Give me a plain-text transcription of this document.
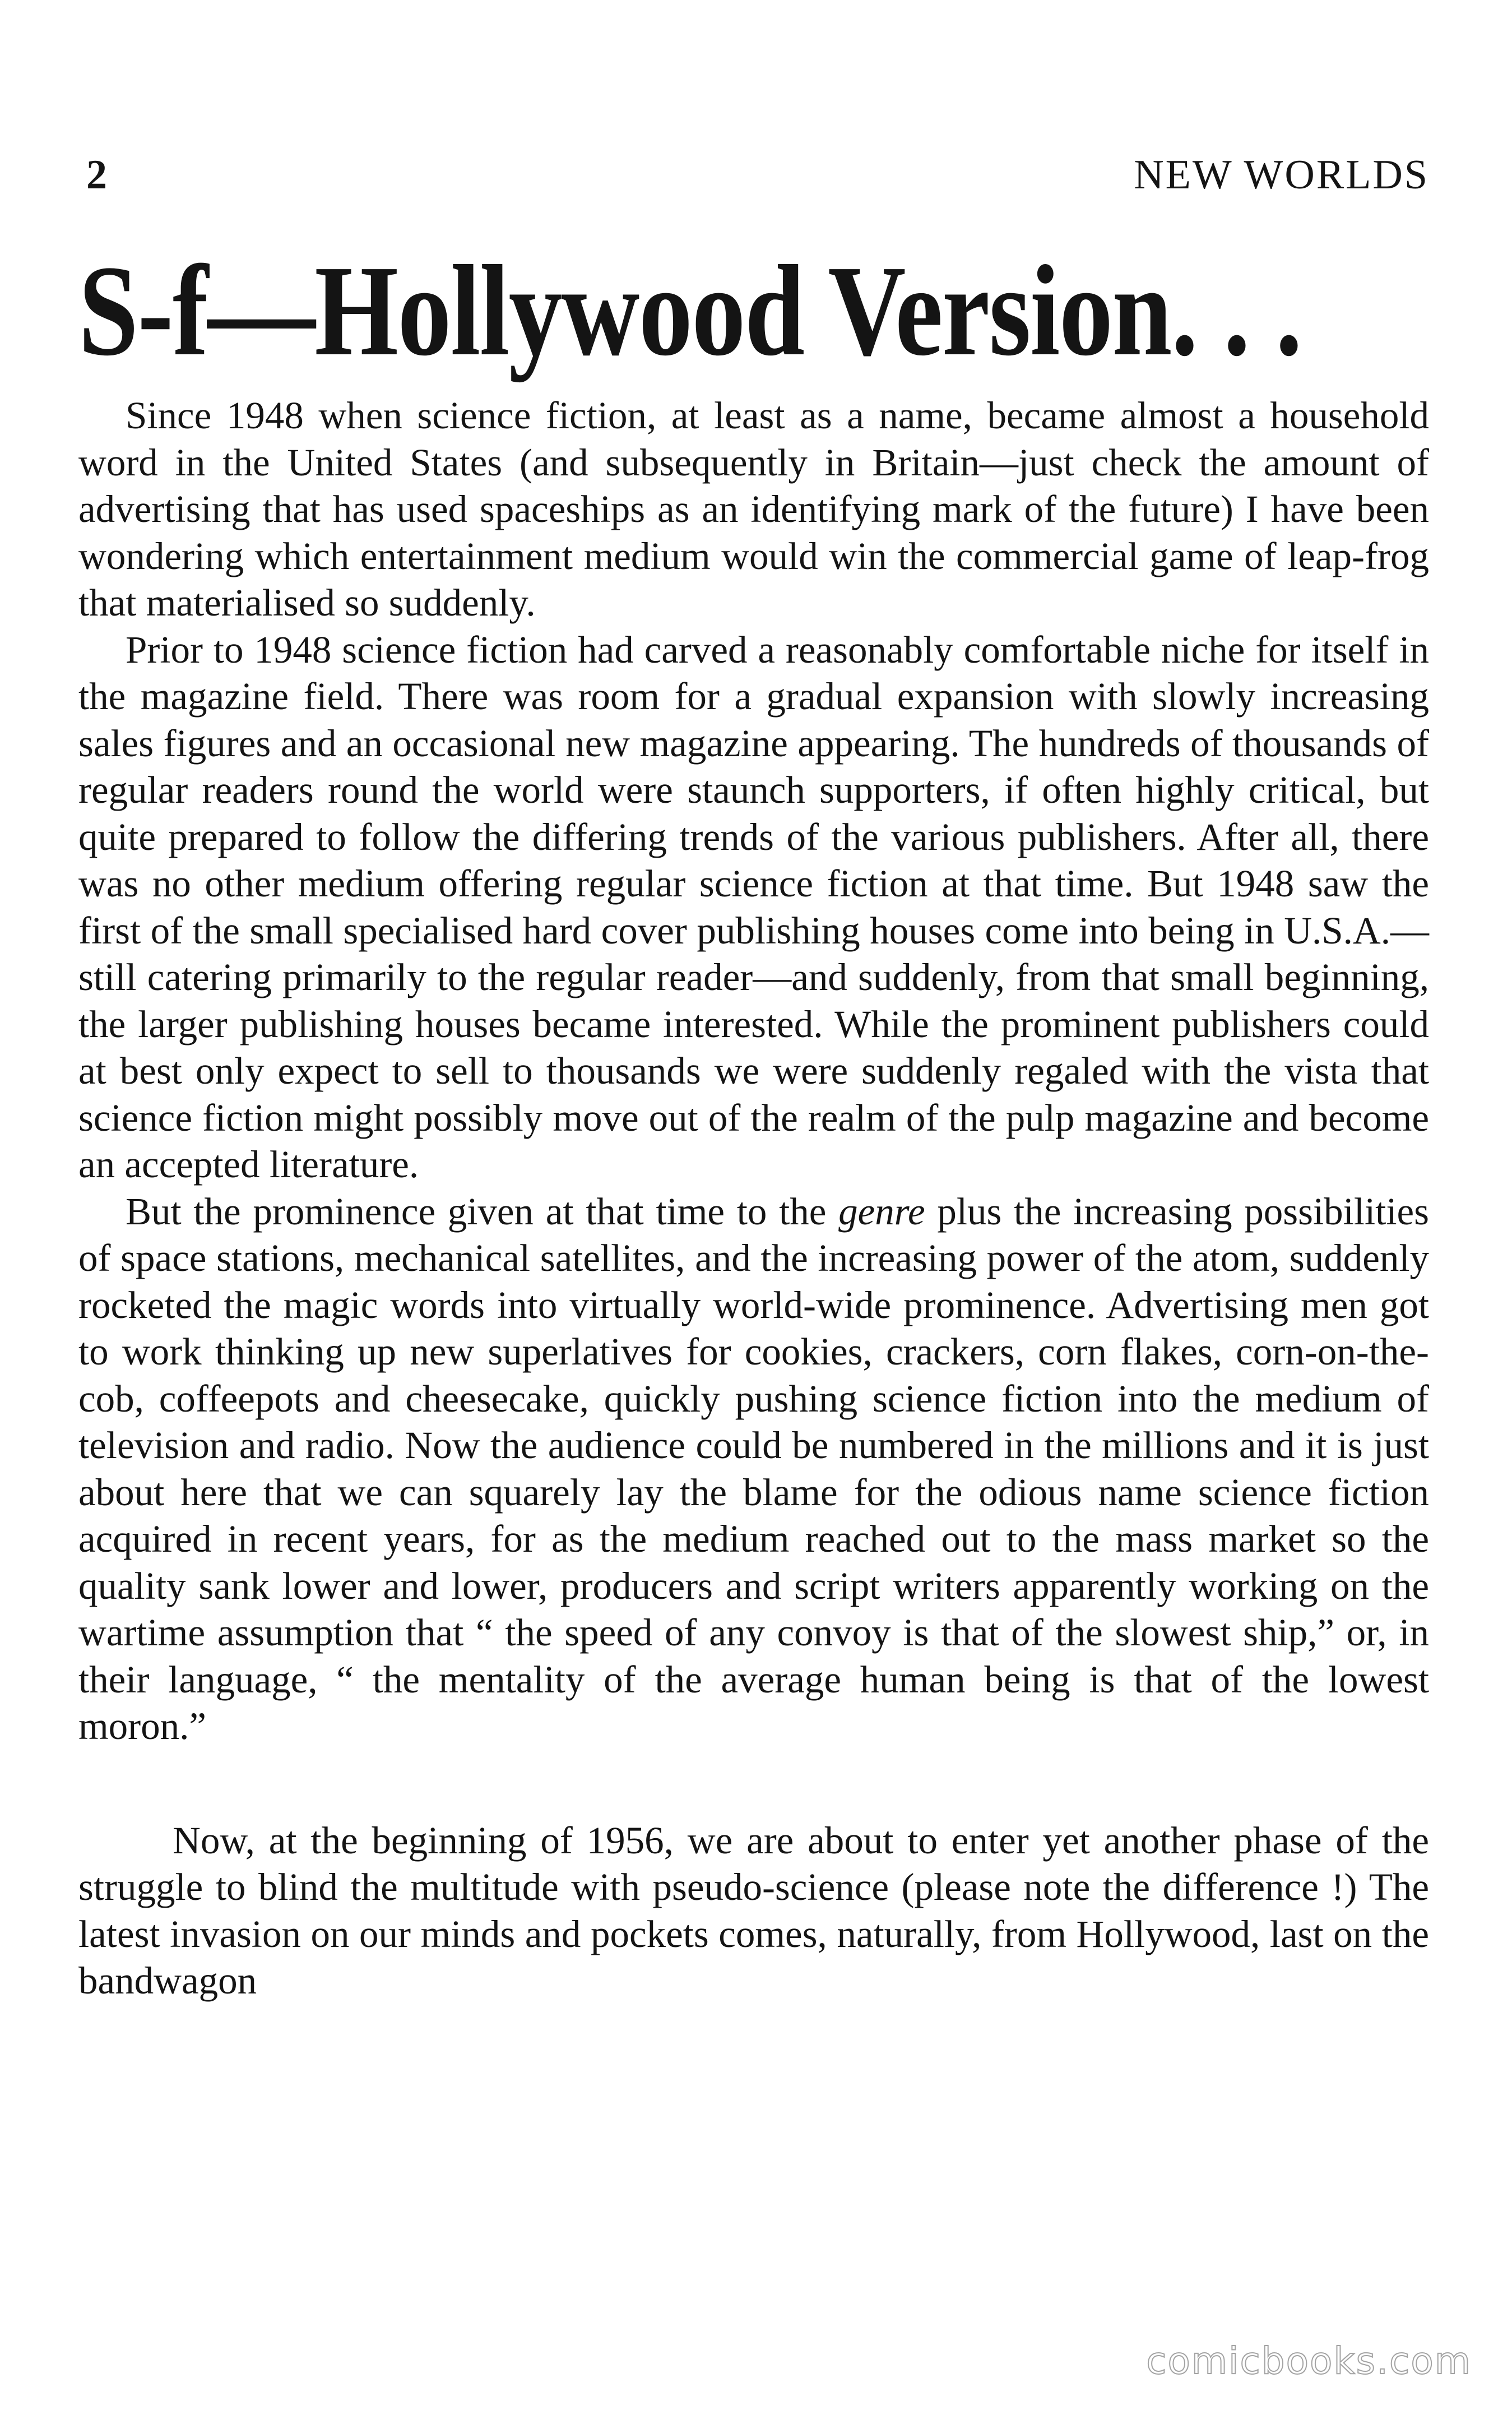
2	NEW WORLDS
S-f—Hollywood Version. . .

Since 1948 when science fiction, at least as a name, became almost a household word in the United States (and subsequently in Britain—just check the amount of advertising that has used spaceships as an identifying mark of the future) I have been wondering which entertainment medium would win the commercial game of leap-frog that materialised so suddenly.

Prior to 1948 science fiction had carved a reasonably comfortable niche for itself in the magazine field. There was room for a gradual expansion with slowly increasing sales figures and an occasional new magazine appearing. The hundreds of thousands of regular readers round the world were staunch supporters, if often highly critical, but quite prepared to follow the differing trends of the various publishers. After all, there was no other medium offering regular science fiction at that time. But 1948 saw the first of the small specialised hard cover publishing houses come into being in U.S.A.—still catering primarily to the regular reader—and suddenly, from that small beginning, the larger publishing houses became interested. While the prominent publishers could at best only expect to sell to thousands we were suddenly regaled with the vista that science fiction might possibly move out of the realm of the pulp magazine and become an accepted literature.

But the prominence given at that time to the genre plus the increasing possibilities of space stations, mechanical satellites, and the increasing power of the atom, suddenly rocketed the magic words into virtually world-wide prominence. Advertising men got to work thinking up new superlatives for cookies, crackers, corn flakes, corn-on-the-cob, coffeepots and cheesecake, quickly pushing science fiction into the medium of television and radio. Now the audience could be numbered in the millions and it is just about here that we can squarely lay the blame for the odious name science fiction acquired in recent years, for as the medium reached out to the mass market so the quality sank lower and lower, producers and script writers apparently working on the wartime assumption that “ the speed of any convoy is that of the slowest ship,” or, in their language, “ the mentality of the average human being is that of the lowest moron.”

Now, at the beginning of 1956, we are about to enter yet another phase of the struggle to blind the multitude with pseudo-science (please note the difference !) The latest invasion on our minds and pockets comes, naturally, from Hollywood, last on the bandwagon

comicbooks.com
